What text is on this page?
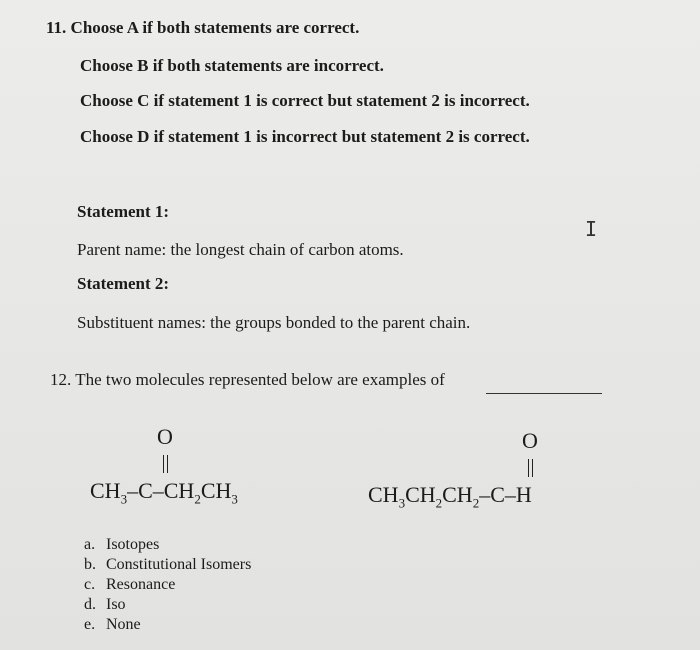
11. Choose A if both statements are correct.
Choose B if both statements are incorrect.
Choose C if statement 1 is correct but statement 2 is incorrect.
Choose D if statement 1 is incorrect but statement 2 is correct.
Statement 1:
Parent name: the longest chain of carbon atoms.
Statement 2:
Substituent names: the groups bonded to the parent chain.
I
12. The two molecules represented below are examples of
O
$CH_3-C-CH_2CH_3$
O
$CH_3CH_2CH_2-C-H$
a. Isotopes
b. Constitutional Isomers
c. Resonance
d. Iso
e. None
